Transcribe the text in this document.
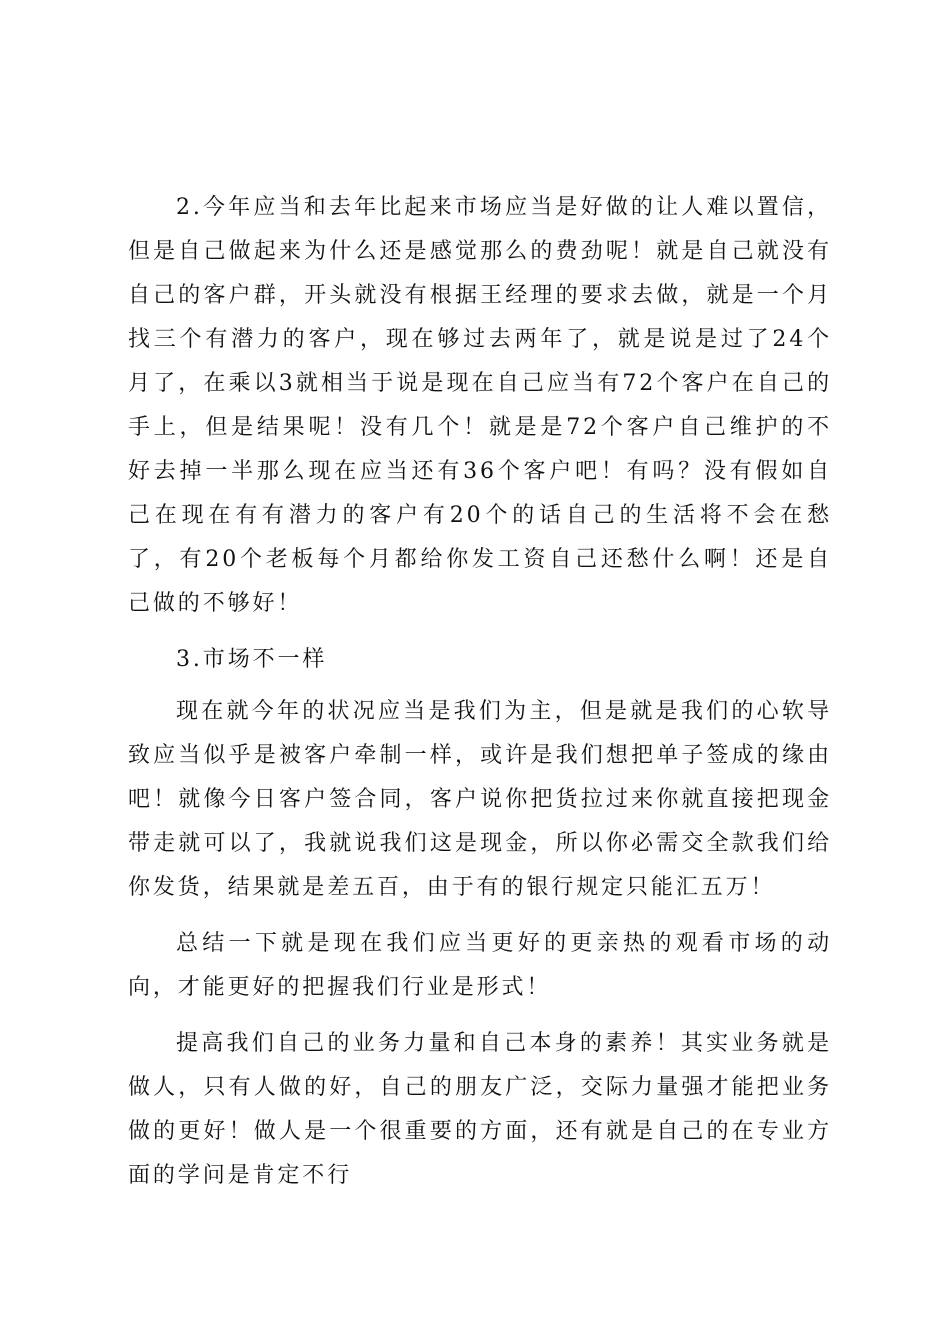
2.今年应当和去年比起来市场应当是好做的让人难以置信，但是自己做起来为什么还是感觉那么的费劲呢！就是自己就没有自己的客户群，开头就没有根据王经理的要求去做，就是一个月找三个有潜力的客户，现在够过去两年了，就是说是过了24个月了，在乘以3就相当于说是现在自己应当有72个客户在自己的手上，但是结果呢！没有几个！就是是72个客户自己维护的不好去掉一半那么现在应当还有36个客户吧！有吗？没有假如自己在现在有有潜力的客户有20个的话自己的生活将不会在愁了，有20个老板每个月都给你发工资自己还愁什么啊！还是自己做的不够好！

3.市场不一样

现在就今年的状况应当是我们为主，但是就是我们的心软导致应当似乎是被客户牵制一样，或许是我们想把单子签成的缘由吧！就像今日客户签合同，客户说你把货拉过来你就直接把现金带走就可以了，我就说我们这是现金，所以你必需交全款我们给你发货，结果就是差五百，由于有的银行规定只能汇五万！

总结一下就是现在我们应当更好的更亲热的观看市场的动向，才能更好的把握我们行业是形式！

提高我们自己的业务力量和自己本身的素养！其实业务就是做人，只有人做的好，自己的朋友广泛，交际力量强才能把业务做的更好！做人是一个很重要的方面，还有就是自己的在专业方面的学问是肯定不行
